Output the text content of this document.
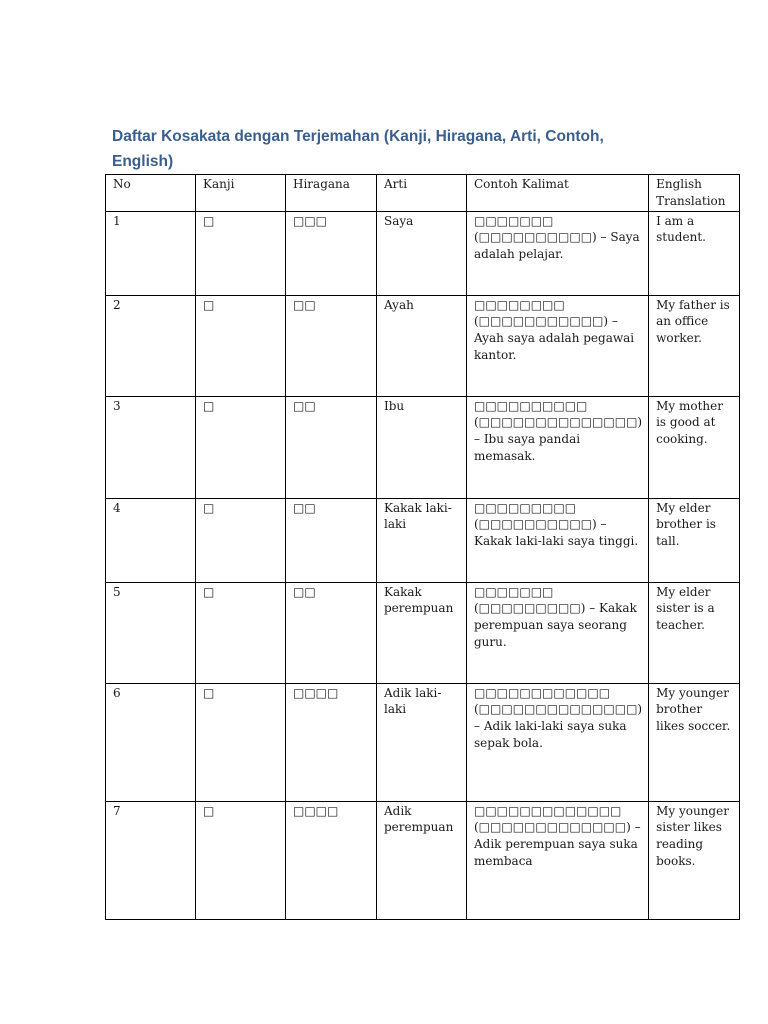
Daftar Kosakata dengan Terjemahan (Kanji, Hiragana, Arti, Contoh, English)
No	Kanji	Hiragana	Arti	Contoh Kalimat	English Translation
1	□	□□□	Saya	□□□□□□□ (□□□□□□□□□□) – Saya adalah pelajar.	I am a student.
2	□	□□	Ayah	□□□□□□□□ (□□□□□□□□□□□) – Ayah saya adalah pegawai kantor.	My father is an office worker.
3	□	□□	Ibu	□□□□□□□□□□ (□□□□□□□□□□□□□□) – Ibu saya pandai memasak.	My mother is good at cooking.
4	□	□□	Kakak laki-laki	□□□□□□□□□ (□□□□□□□□□□) – Kakak laki-laki saya tinggi.	My elder brother is tall.
5	□	□□	Kakak perempuan	□□□□□□□ (□□□□□□□□□) – Kakak perempuan saya seorang guru.	My elder sister is a teacher.
6	□	□□□□	Adik laki-laki	□□□□□□□□□□□□ (□□□□□□□□□□□□□□) – Adik laki-laki saya suka sepak bola.	My younger brother likes soccer.
7	□	□□□□	Adik perempuan	□□□□□□□□□□□□□ (□□□□□□□□□□□□□) – Adik perempuan saya suka membaca	My younger sister likes reading books.
